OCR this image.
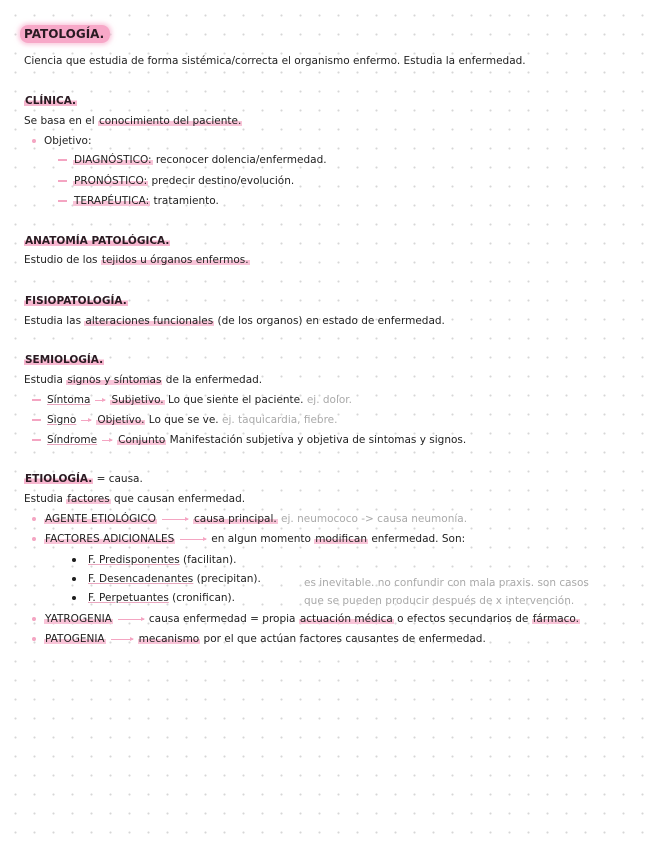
PATOLOGÍA.
Ciencia que estudia de forma sistémica/correcta el organismo enfermo. Estudia la enfermedad.
CLÍNICA.
Se basa en el conocimiento del paciente.
Objetivo:
DIAGNÓSTICO: reconocer dolencia/enfermedad.
PRONÓSTICO: predecir destino/evolución.
TERAPÉUTICA: tratamiento.
ANATOMÍA PATOLÓGICA.
Estudio de los tejidos u órganos enfermos.
FISIOPATOLOGÍA.
Estudia las alteraciones funcionales (de los organos) en estado de enfermedad.
SEMIOLOGÍA.
Estudia signos y síntomas de la enfermedad.
Síntoma Subjetivo. Lo que siente el paciente. ej. dolor.
Signo Objetivo. Lo que se ve. ej. taquicardia, fiebre.
Síndrome Conjunto Manifestación subjetiva y objetiva de sintomas y signos.
ETIOLOGÍA. = causa.
Estudia factores que causan enfermedad.
AGENTE ETIOLÓGICO	causa principal. ej. neumococo -> causa neumonía.
FACTORES ADICIONALES	en algun momento modifican enfermedad. Son:
F. Predisponentes (facilitan).
F. Desencadenantes (precipitan).
F. Perpetuantes (cronifican).
es inevitable. no confundir con mala praxis. son casos
que se pueden producir después de x intervención.
YATROGENIA	causa enfermedad = propia actuación médica o efectos secundarios de fármaco.
PATOGENIA	mecanismo por el que actúan factores causantes de enfermedad.
